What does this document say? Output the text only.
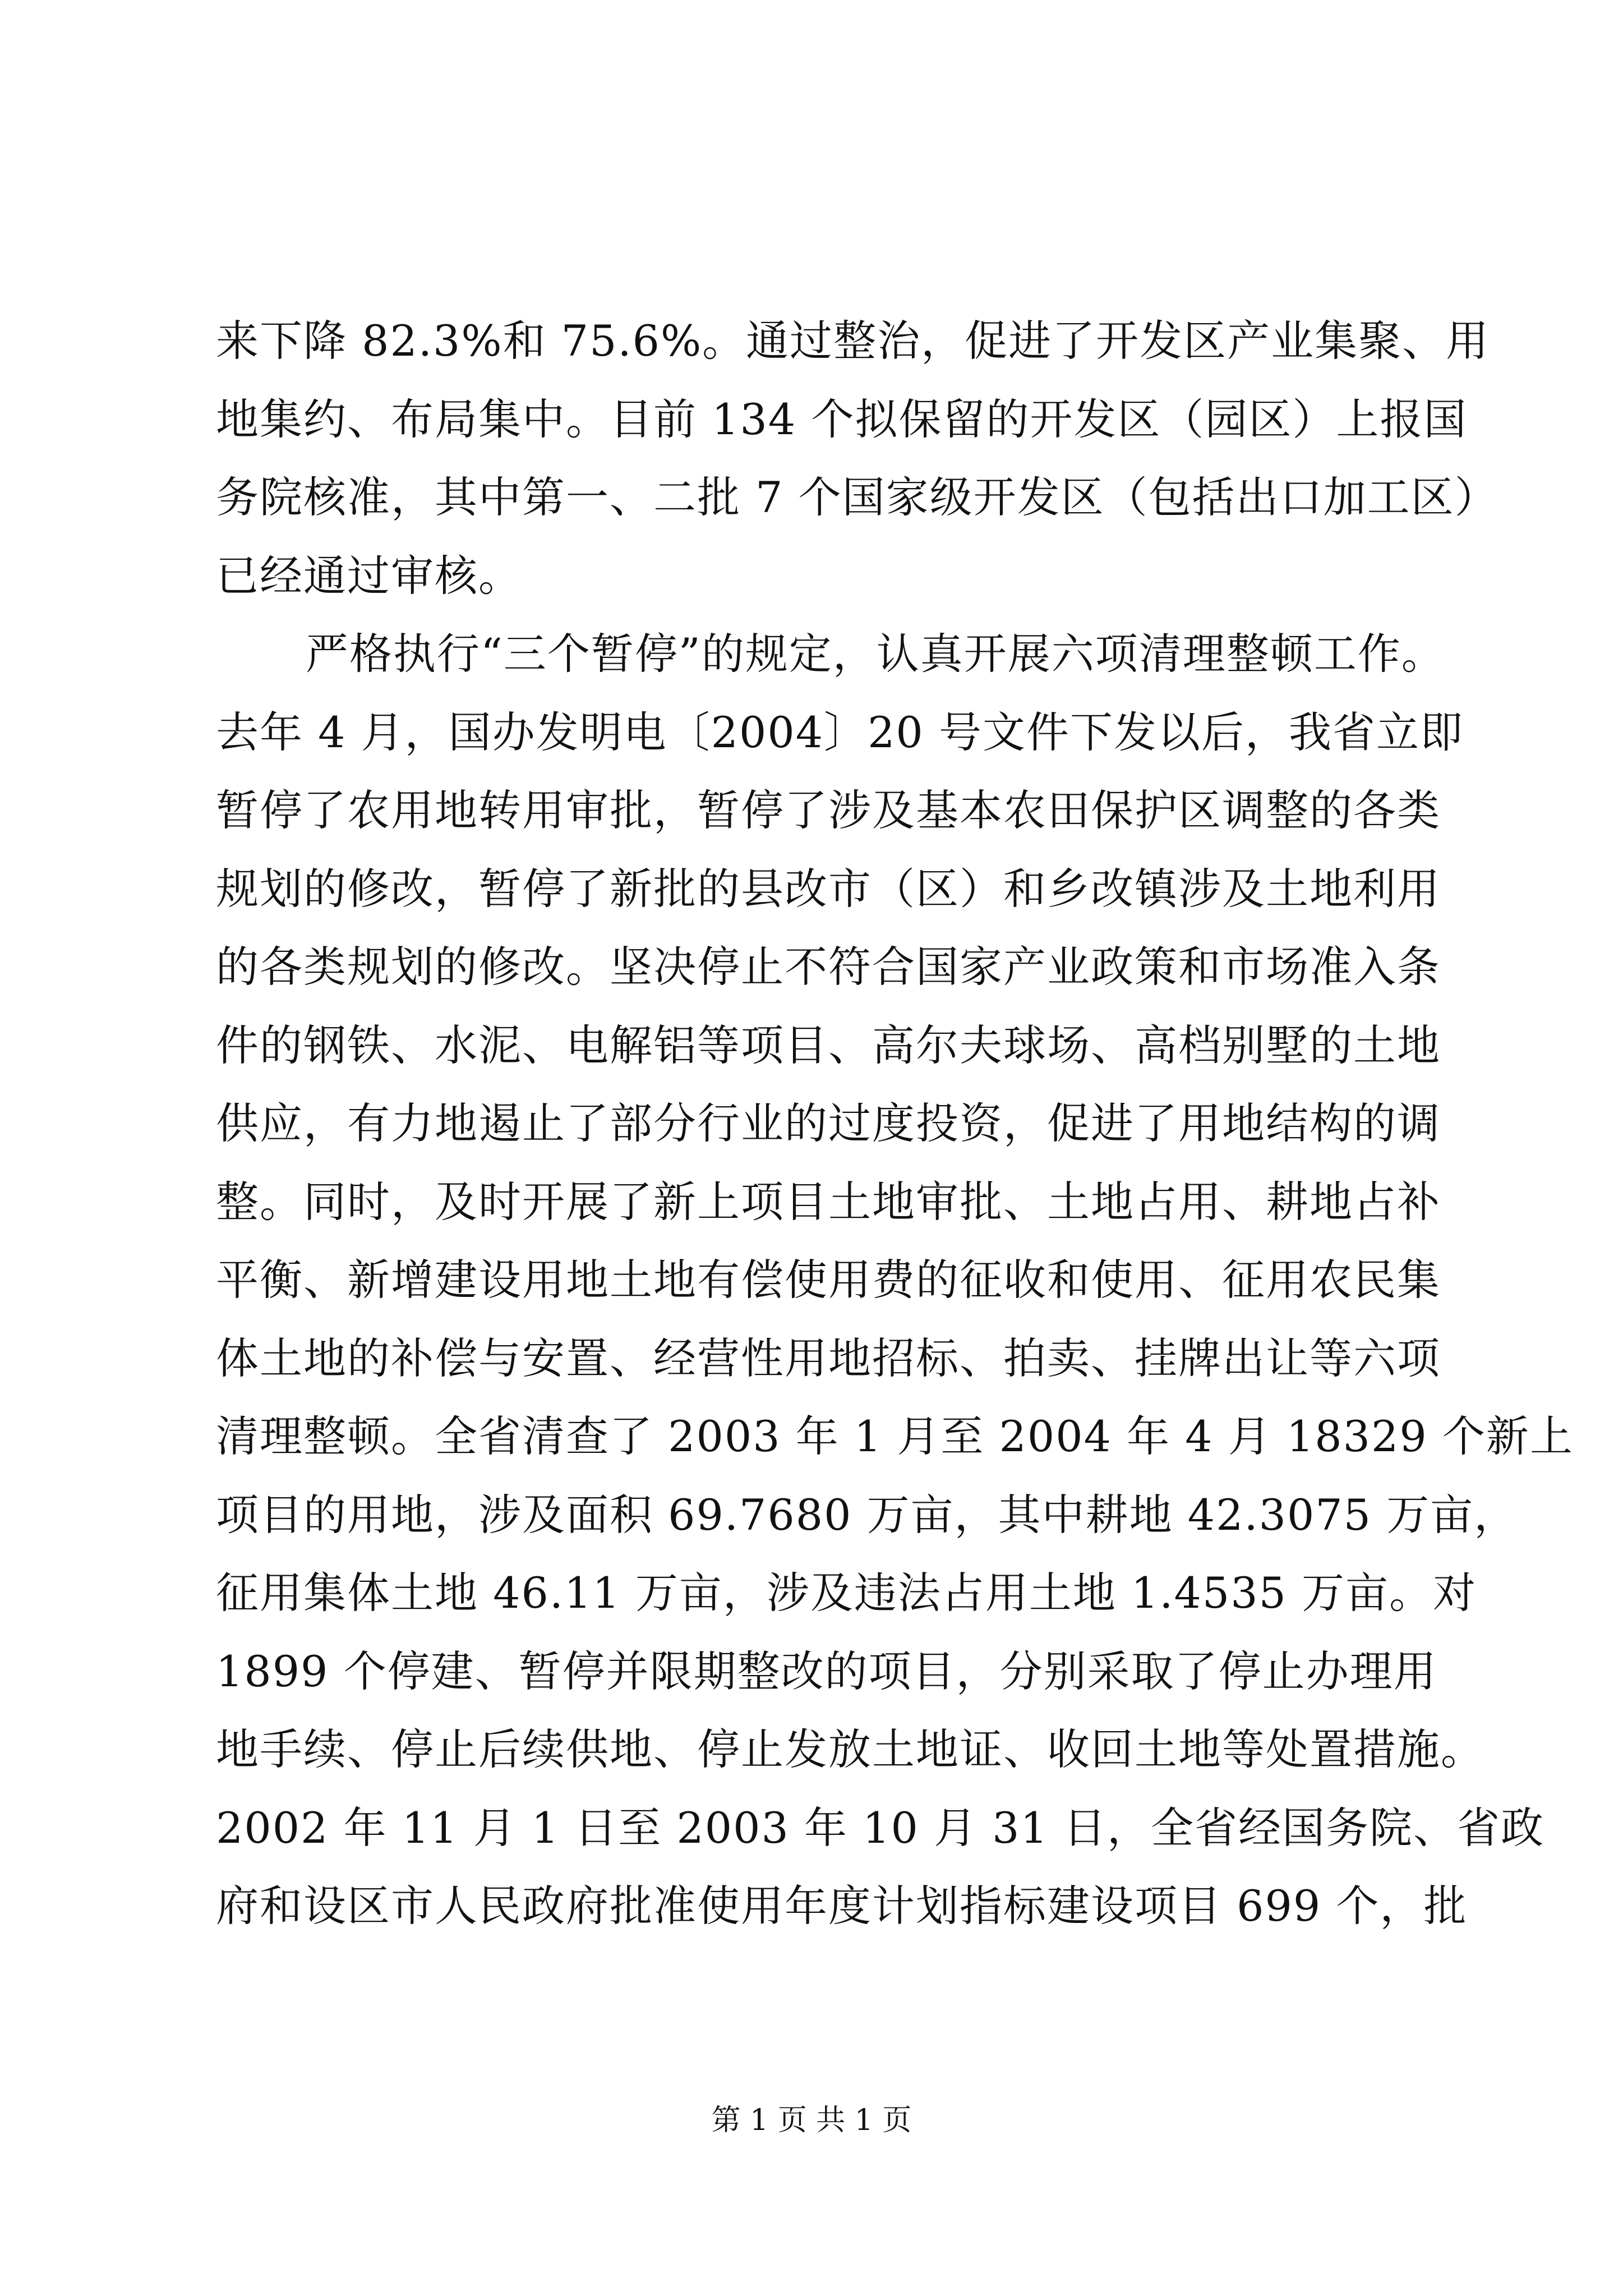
来下降 82.3%和 75.6%。通过整治，促进了开发区产业集聚、用
地集约、布局集中。目前 134 个拟保留的开发区（园区）上报国
务院核准，其中第一、二批 7 个国家级开发区（包括出口加工区）
已经通过审核。
严格执行“三个暂停”的规定，认真开展六项清理整顿工作。
去年 4 月，国办发明电〔2004〕20 号文件下发以后，我省立即
暂停了农用地转用审批，暂停了涉及基本农田保护区调整的各类
规划的修改，暂停了新批的县改市（区）和乡改镇涉及土地利用
的各类规划的修改。坚决停止不符合国家产业政策和市场准入条
件的钢铁、水泥、电解铝等项目、高尔夫球场、高档别墅的土地
供应，有力地遏止了部分行业的过度投资，促进了用地结构的调
整。同时，及时开展了新上项目土地审批、土地占用、耕地占补
平衡、新增建设用地土地有偿使用费的征收和使用、征用农民集
体土地的补偿与安置、经营性用地招标、拍卖、挂牌出让等六项
清理整顿。全省清查了 2003 年 1 月至 2004 年 4 月 18329 个新上
项目的用地，涉及面积 69.7680 万亩，其中耕地 42.3075 万亩，
征用集体土地 46.11 万亩，涉及违法占用土地 1.4535 万亩。对
1899 个停建、暂停并限期整改的项目，分别采取了停止办理用
地手续、停止后续供地、停止发放土地证、收回土地等处置措施。
2002 年 11 月 1 日至 2003 年 10 月 31 日，全省经国务院、省政
府和设区市人民政府批准使用年度计划指标建设项目 699 个，批
第 1 页 共 1 页
